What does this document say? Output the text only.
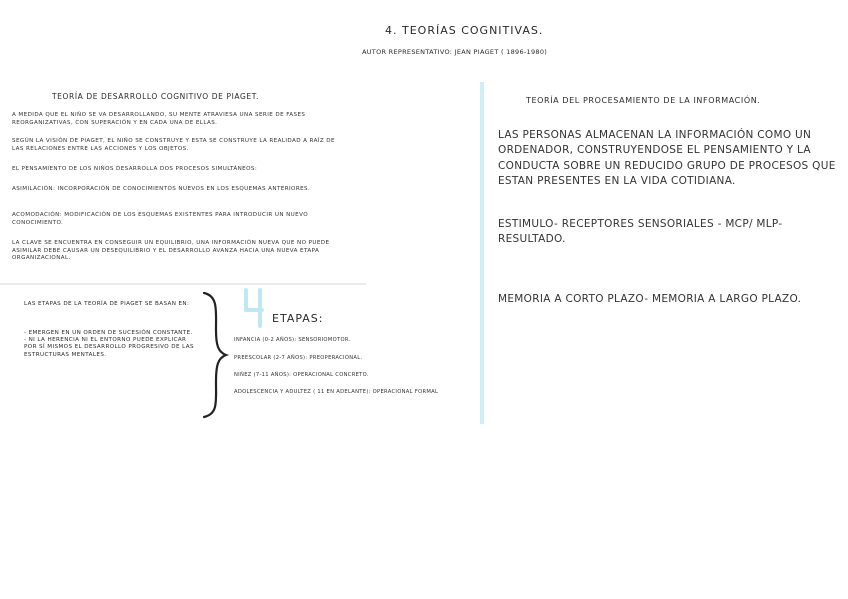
4. TEORÍAS COGNITIVAS.
AUTOR REPRESENTATIVO: JEAN PIAGET ( 1896-1980)
TEORÍA DE DESARROLLO COGNITIVO DE PIAGET.
A MEDIDA QUE EL NIÑO SE VA DESARROLLANDO, SU MENTE ATRAVIESA UNA SERIE DE FASES REORGANIZATIVAS, CON SUPERACIÓN Y EN CADA UNA DE ELLAS.
SEGÚN LA VISIÓN DE PIAGET, EL NIÑO SE CONSTRUYE Y ESTA SE CONSTRUYE LA REALIDAD A RAÍZ DE LAS RELACIONES ENTRE LAS ACCIONES Y LOS OBJETOS.
EL PENSAMIENTO DE LOS NIÑOS DESARROLLA DOS PROCESOS SIMULTÁNEOS:
ASIMILACIÓN: INCORPORACIÓN DE CONOCIMIENTOS NUEVOS EN LOS ESQUEMAS ANTERIORES.
ACOMODACIÓN: MODIFICACIÓN DE LOS ESQUEMAS EXISTENTES PARA INTRODUCIR UN NUEVO CONOCIMIENTO.
LA CLAVE SE ENCUENTRA EN CONSEGUIR UN EQUILIBRIO, UNA INFORMACIÓN NUEVA QUE NO PUEDE ASIMILAR DEBE CAUSAR UN DESEQUILIBRIO Y EL DESARROLLO AVANZA HACIA UNA NUEVA ETAPA ORGANIZACIONAL.
LAS ETAPAS DE LA TEORÍA DE PIAGET SE BASAN EN:
- EMERGEN EN UN ORDEN DE SUCESIÓN CONSTANTE. - NI LA HERENCIA NI EL ENTORNO PUEDE EXPLICAR POR SÍ MISMOS EL DESARROLLO PROGRESIVO DE LAS ESTRUCTURAS MENTALES.
ETAPAS:
INFANCIA (0-2 AÑOS): SENSORIOMOTOR.
PREESCOLAR (2-7 AÑOS): PREOPERACIONAL.
NIÑEZ (7-11 AÑOS): OPERACIONAL CONCRETO.
ADOLESCENCIA Y ADULTEZ ( 11 EN ADELANTE): OPERACIONAL FORMAL
TEORÍA DEL PROCESAMIENTO DE LA INFORMACIÓN.
LAS PERSONAS ALMACENAN LA INFORMACIÓN COMO UN ORDENADOR, CONSTRUYENDOSE EL PENSAMIENTO Y LA CONDUCTA SOBRE UN REDUCIDO GRUPO DE PROCESOS QUE ESTAN PRESENTES EN LA VIDA COTIDIANA.
ESTIMULO- RECEPTORES SENSORIALES - MCP/ MLP- RESULTADO.
MEMORIA A CORTO PLAZO- MEMORIA A LARGO PLAZO.
